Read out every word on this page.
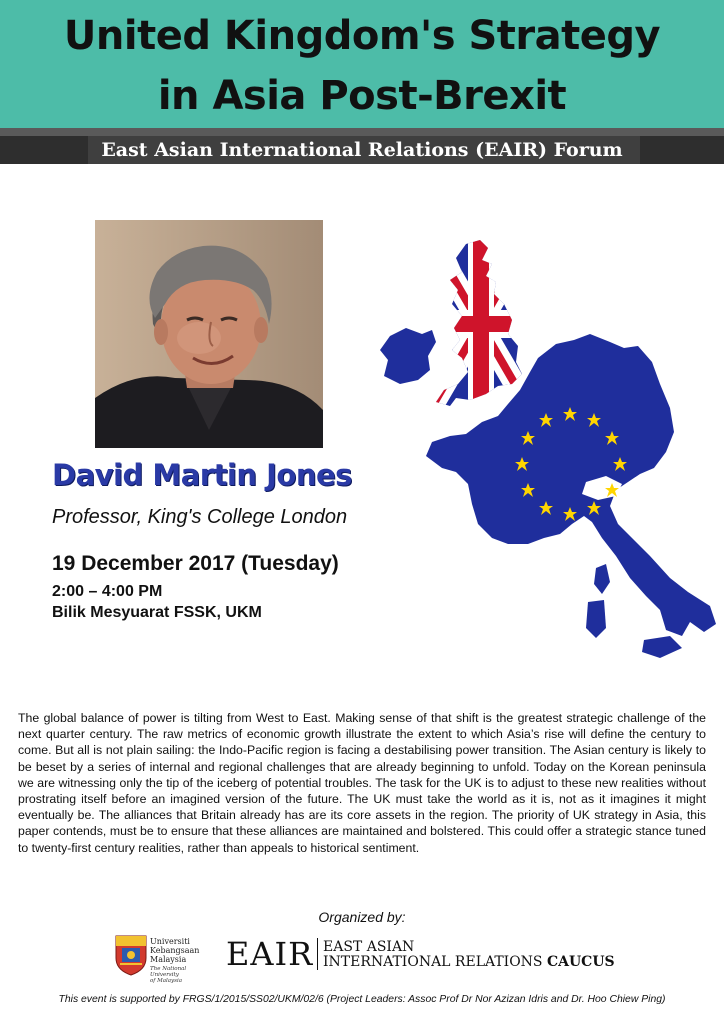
United Kingdom's Strategy
in Asia Post-Brexit
East Asian International Relations (EAIR) Forum
David Martin Jones
Professor, King's College London
19 December 2017 (Tuesday)
2:00 – 4:00 PM
Bilik Mesyuarat FSSK, UKM

The global balance of power is tilting from West to East. Making sense of that shift is the greatest strategic challenge of the next quarter century. The raw metrics of economic growth illustrate the extent to which Asia’s rise will define the century to come. But all is not plain sailing: the Indo-Pacific region is facing a destabilising power transition. The Asian century is likely to be beset by a series of internal and regional challenges that are already beginning to unfold. Today on the Korean peninsula we are witnessing only the tip of the iceberg of potential troubles. The task for the UK is to adjust to these new realities without prostrating itself before an imagined version of the future. The UK must take the world as it is, not as it imagines it might eventually be. The alliances that Britain already has are its core assets in the region. The priority of UK strategy in Asia, this paper contends, must be to ensure that these alliances are maintained and bolstered. This could offer a strategic stance tuned to twenty-first century realities, rather than appeals to historical sentiment.

Organized by:
Universiti
Kebangsaan
Malaysia
The National University
of Malaysia
EAIR EAST ASIAN
INTERNATIONAL RELATIONS CAUCUS
This event is supported by FRGS/1/2015/SS02/UKM/02/6 (Project Leaders: Assoc Prof Dr Nor Azizan Idris and Dr. Hoo Chiew Ping)
